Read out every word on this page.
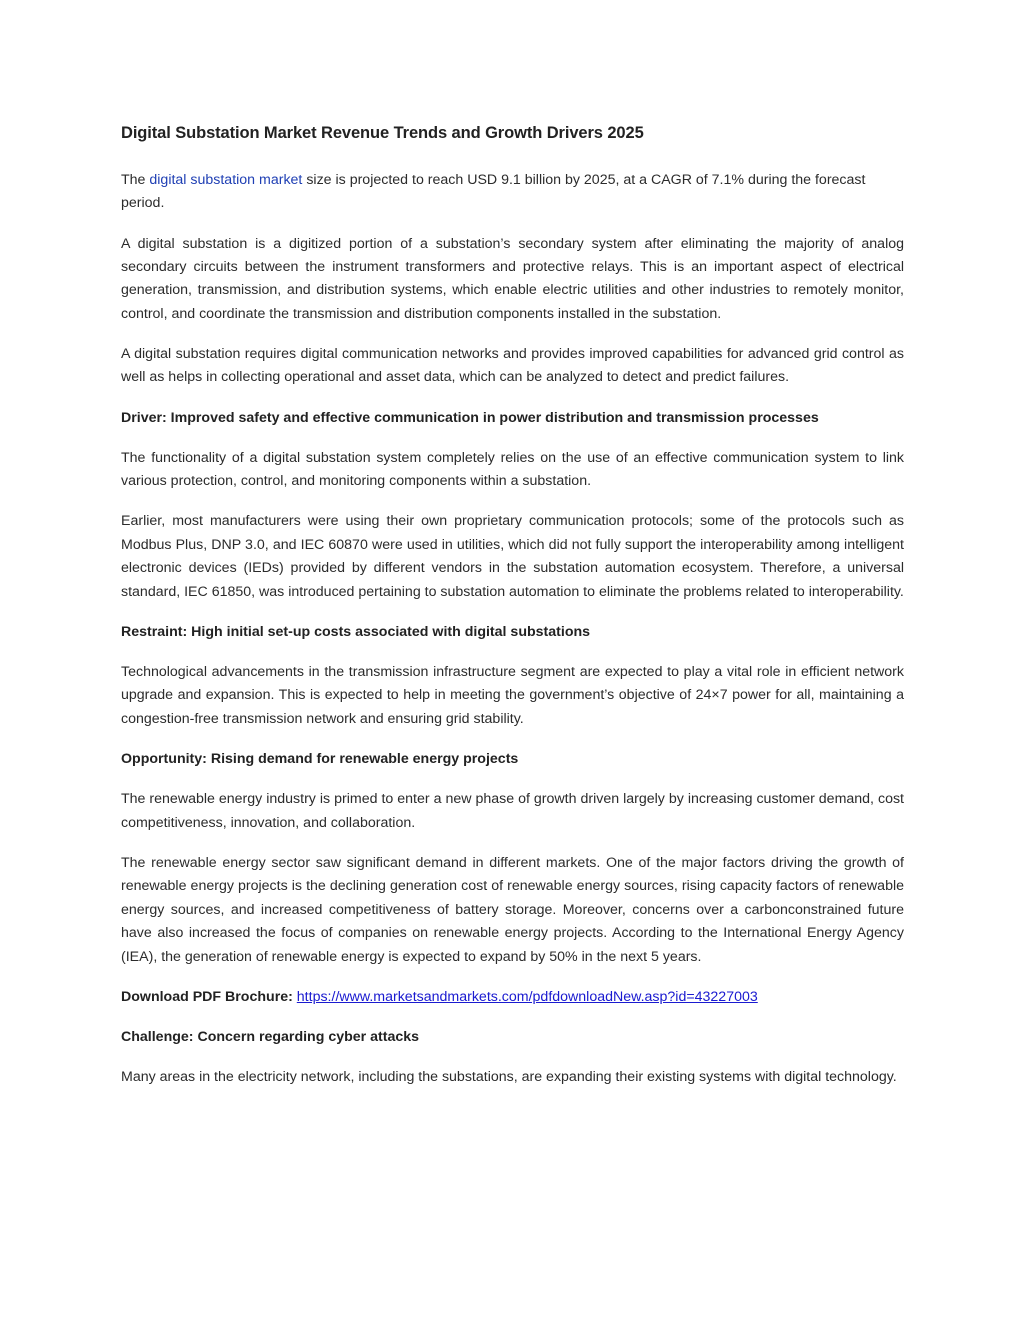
Digital Substation Market Revenue Trends and Growth Drivers 2025

The digital substation market size is projected to reach USD 9.1 billion by 2025, at a CAGR of 7.1% during the forecast period.

A digital substation is a digitized portion of a substation’s secondary system after eliminating the majority of analog secondary circuits between the instrument transformers and protective relays. This is an important aspect of electrical generation, transmission, and distribution systems, which enable electric utilities and other industries to remotely monitor, control, and coordinate the transmission and distribution components installed in the substation.

A digital substation requires digital communication networks and provides improved capabilities for advanced grid control as well as helps in collecting operational and asset data, which can be analyzed to detect and predict failures.

Driver: Improved safety and effective communication in power distribution and transmission processes

The functionality of a digital substation system completely relies on the use of an effective communication system to link various protection, control, and monitoring components within a substation.

Earlier, most manufacturers were using their own proprietary communication protocols; some of the protocols such as Modbus Plus, DNP 3.0, and IEC 60870 were used in utilities, which did not fully support the interoperability among intelligent electronic devices (IEDs) provided by different vendors in the substation automation ecosystem. Therefore, a universal standard, IEC 61850, was introduced pertaining to substation automation to eliminate the problems related to interoperability.

Restraint: High initial set-up costs associated with digital substations

Technological advancements in the transmission infrastructure segment are expected to play a vital role in efficient network upgrade and expansion. This is expected to help in meeting the government’s objective of 24×7 power for all, maintaining a congestion-free transmission network and ensuring grid stability.

Opportunity: Rising demand for renewable energy projects

The renewable energy industry is primed to enter a new phase of growth driven largely by increasing customer demand, cost competitiveness, innovation, and collaboration.

The renewable energy sector saw significant demand in different markets. One of the major factors driving the growth of renewable energy projects is the declining generation cost of renewable energy sources, rising capacity factors of renewable energy sources, and increased competitiveness of battery storage. Moreover, concerns over a carbonconstrained future have also increased the focus of companies on renewable energy projects. According to the International Energy Agency (IEA), the generation of renewable energy is expected to expand by 50% in the next 5 years.

Download PDF Brochure: https://www.marketsandmarkets.com/pdfdownloadNew.asp?id=43227003

Challenge: Concern regarding cyber attacks

Many areas in the electricity network, including the substations, are expanding their existing systems with digital technology.
